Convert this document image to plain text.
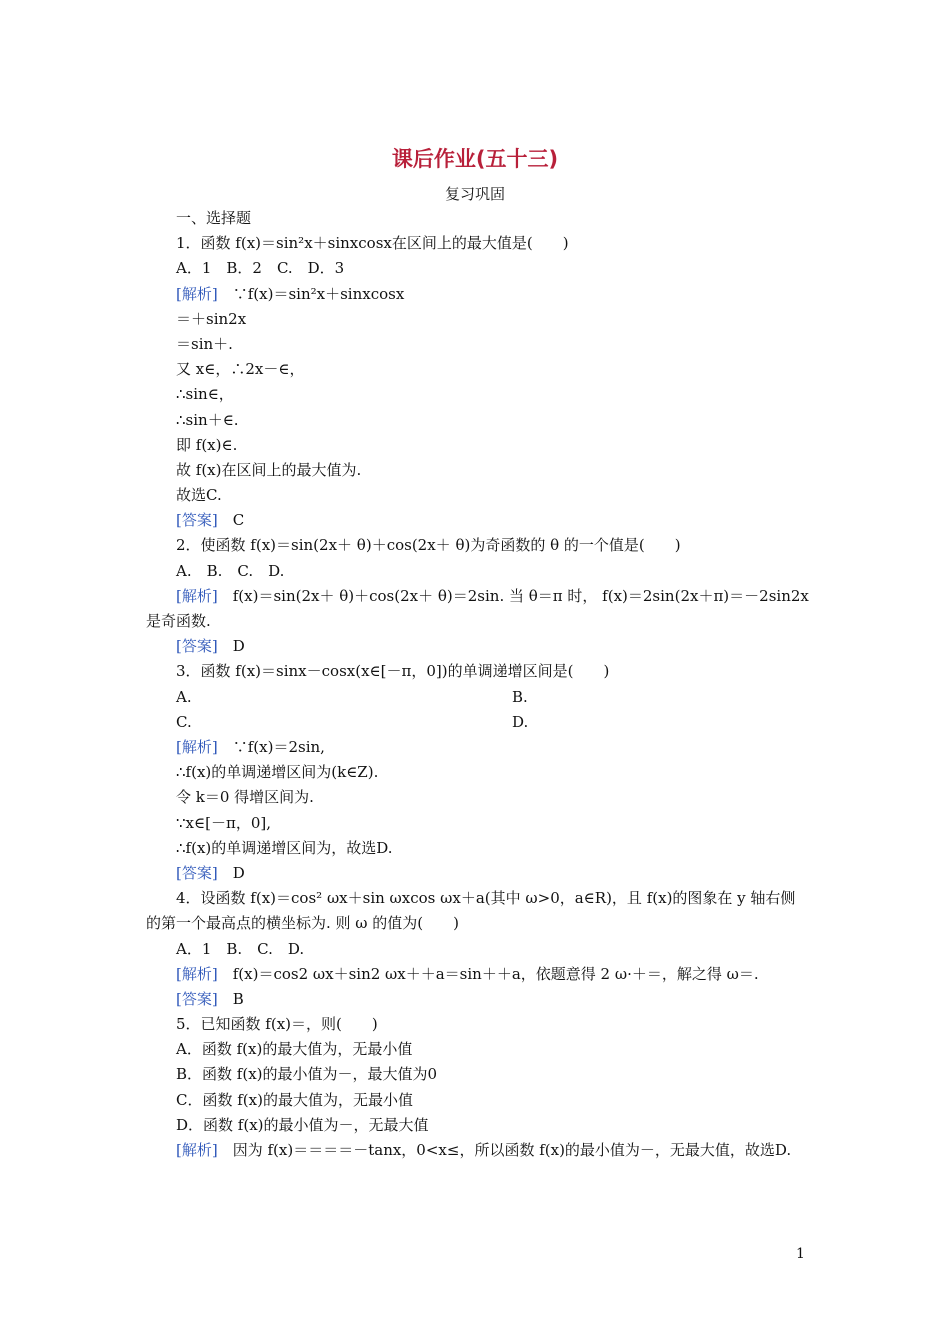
课后作业(五十三)
复习巩固
一、选择题
1．函数 f(x)＝sin²x＋sinxcosx在区间上的最大值是(　　)
A．1　B．2　C.　D．3
[解析]　 ∵f(x)＝sin²x＋sinxcosx
＝＋sin2x
＝sin＋.
又 x∈，∴2x－∈，
∴sin∈，
∴sin＋∈.
即 f(x)∈.
故 f(x)在区间上的最大值为.
故选C.
[答案]　 C
2．使函数 f(x)＝sin(2x＋ θ)＋cos(2x＋ θ)为奇函数的 θ 的一个值是(　　)
A.　B.　C.　D.
[解析]　 f(x)＝sin(2x＋ θ)＋cos(2x＋ θ)＝2sin. 当 θ＝π 时， f(x)＝2sin(2x＋π)＝－2sin2x是奇函数.
[答案]　 D
3．函数 f(x)＝sinx－cosx(x∈[－π，0])的单调递增区间是(　　)
A.	B.
C.	D.
[解析]　 ∵f(x)＝2sin,
∴f(x)的单调递增区间为(k∈Z).
令 k＝0 得增区间为.
∵x∈[－π，0],
∴f(x)的单调递增区间为，故选D.
[答案]　 D
4．设函数 f(x)＝cos² ωx＋sin ωxcos ωx＋a(其中 ω>0，a∈R)，且 f(x)的图象在 y 轴右侧的第一个最高点的横坐标为. 则 ω 的值为(　　)
A．1　B.　C.　D.
[解析]　 f(x)＝cos2 ωx＋sin2 ωx＋＋a＝sin＋＋a，依题意得 2 ω·＋＝，解之得 ω＝.
[答案]　 B
5．已知函数 f(x)＝，则(　　)
A．函数 f(x)的最大值为，无最小值
B．函数 f(x)的最小值为－，最大值为0
C．函数 f(x)的最大值为，无最小值
D．函数 f(x)的最小值为－，无最大值
[解析]　 因为 f(x)＝＝＝＝－tanx，0<x≤，所以函数 f(x)的最小值为－，无最大值，故选D.
1
